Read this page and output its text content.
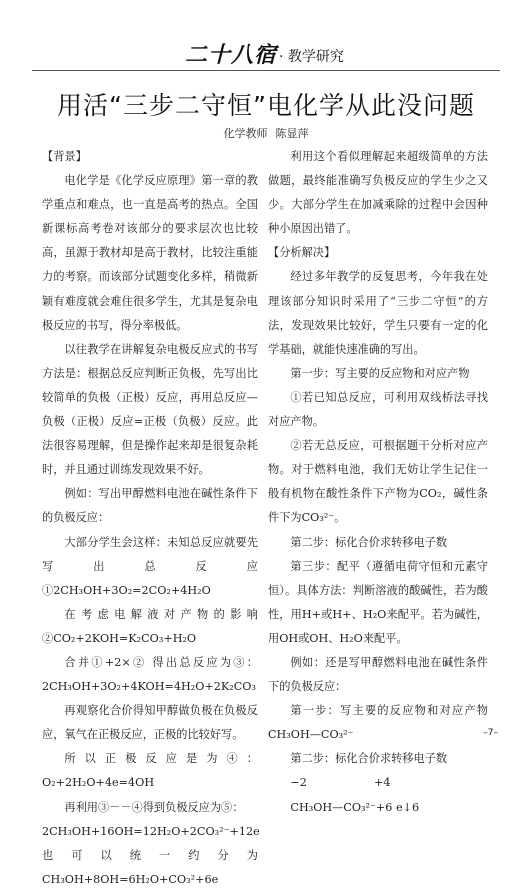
二十八宿 · 教学研究
用活“三步二守恒”电化学从此没问题
化学教师 陈显萍

【背景】

电化学是《化学反应原理》第一章的教学重点和难点，也一直是高考的热点。全国新课标高考卷对该部分的要求层次也比较高，虽源于教材却是高于教材，比较注重能力的考察。而该部分试题变化多样，稍微新颖有难度就会难住很多学生，尤其是复杂电极反应的书写，得分率极低。

以往教学在讲解复杂电极反应式的书写方法是：根据总反应判断正负极，先写出比较简单的负极（正极）反应，再用总反应—负极（正极）反应=正极（负极）反应。此法很容易理解，但是操作起来却是很复杂耗时，并且通过训练发现效果不好。

例如：写出甲醇燃料电池在碱性条件下的负极反应：

大部分学生会这样：未知总反应就要先写出总反应①2CH₃OH+3O₂=2CO₂+4H₂O

在考虑电解液对产物的影响②CO₂+2KOH=K₂CO₃+H₂O

合并①+2×② 得出总反应为③：2CH₃OH+3O₂+4KOH=4H₂O+2K₂CO₃

再观察化合价得知甲醇做负极在负极反应，氧气在正极反应，正极的比较好写。

所以正极反应是为④：O₂+2H₂O+4e=4OH

再利用③－－④得到负极反应为⑤：

2CH₃OH+16OH=12H₂O+2CO₃²⁻+12e也可以统一约分为CH₃OH+8OH=6H₂O+CO₃²+6e

利用这个看似理解起来超级简单的方法做题，最终能准确写负极反应的学生少之又少。大部分学生在加减乘除的过程中会因种种小原因出错了。

【分析解决】

经过多年教学的反复思考，今年我在处理该部分知识时采用了“三步二守恒”的方法，发现效果比较好，学生只要有一定的化学基础，就能快速准确的写出。

第一步：写主要的反应物和对应产物

①若已知总反应，可利用双线桥法寻找对应产物。

②若无总反应，可根据题干分析对应产物。对于燃料电池，我们无妨让学生记住一般有机物在酸性条件下产物为CO₂，碱性条件下为CO₃²⁻。

第二步：标化合价求转移电子数

第三步：配平（遵循电荷守恒和元素守恒）。具体方法：判断溶液的酸碱性，若为酸性，用H+或H+、H₂O来配平。若为碱性，用OH或OH、H₂O来配平。

例如：还是写甲醇燃料电池在碱性条件下的负极反应：

第一步：写主要的反应物和对应产物CH₃OH—CO₃²⁻

第二步：标化合价求转移电子数

−2　　　　　　+4

CH₃OH—CO₃²⁻+6 e↓6

–7–
